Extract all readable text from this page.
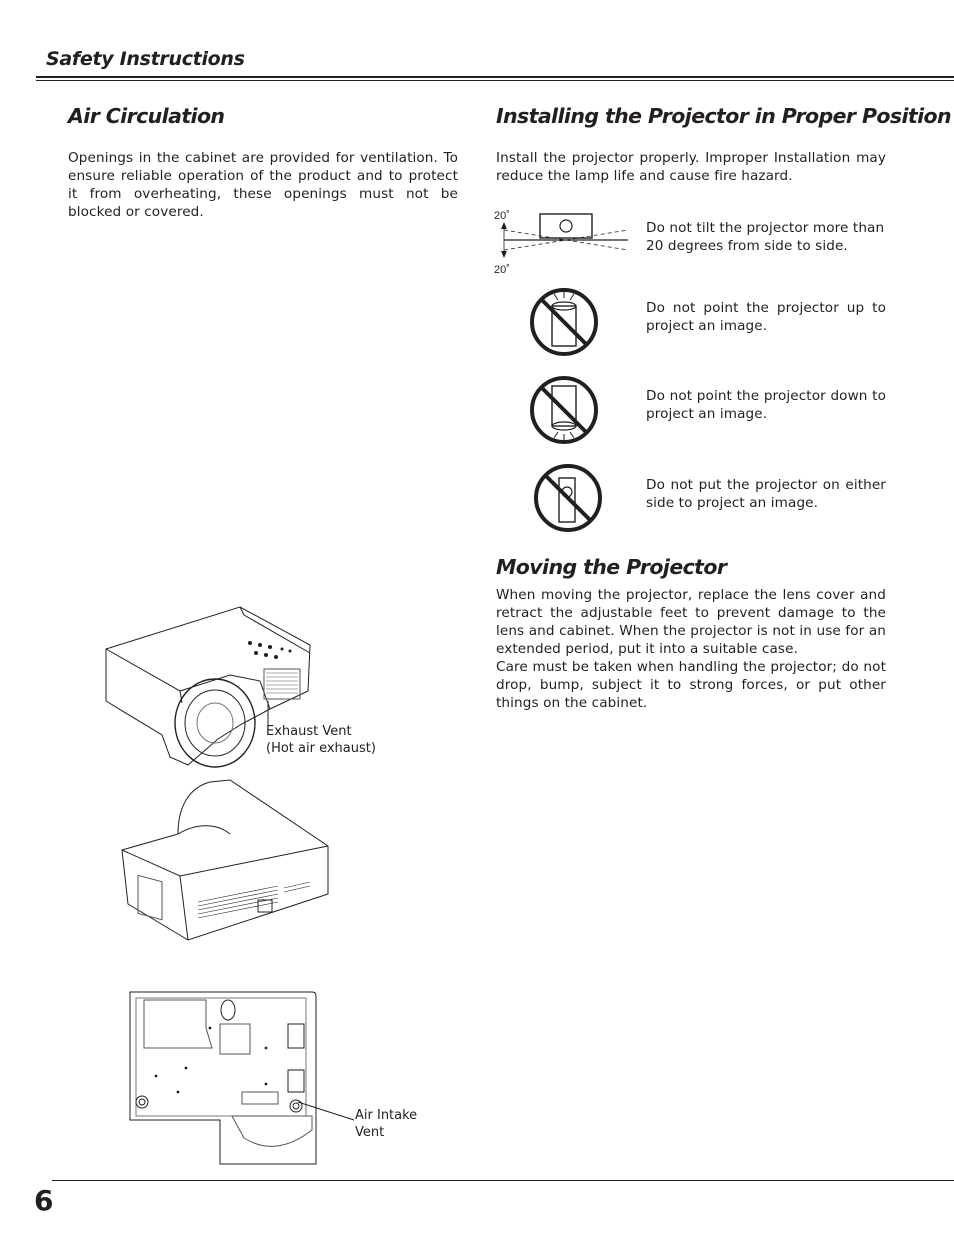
Safety Instructions
Air Circulation

Openings in the cabinet are provided for ventilation. To ensure reliable operation of the product and to protect it from overheating, these openings must not be blocked or covered.

Exhaust Vent
(Hot air exhaust)
Air Intake
Vent
Installing the Projector in Proper Position

Install the projector properly. Improper Installation may reduce the lamp life and cause fire hazard.

20˚
20˚

Do not tilt the projector more than 20 degrees from side to side.

Do not point the projector up to project an image.

Do not point the projector down to project an image.

Do not put the projector on either side to project an image.

Moving the Projector

When moving the projector, replace the lens cover and retract the adjustable feet to prevent damage to the lens and cabinet. When the projector is not in use for an extended period, put it into a suitable case.

Care must be taken when handling the projector; do not drop, bump, subject it to strong forces, or put other things on the cabinet.

6
